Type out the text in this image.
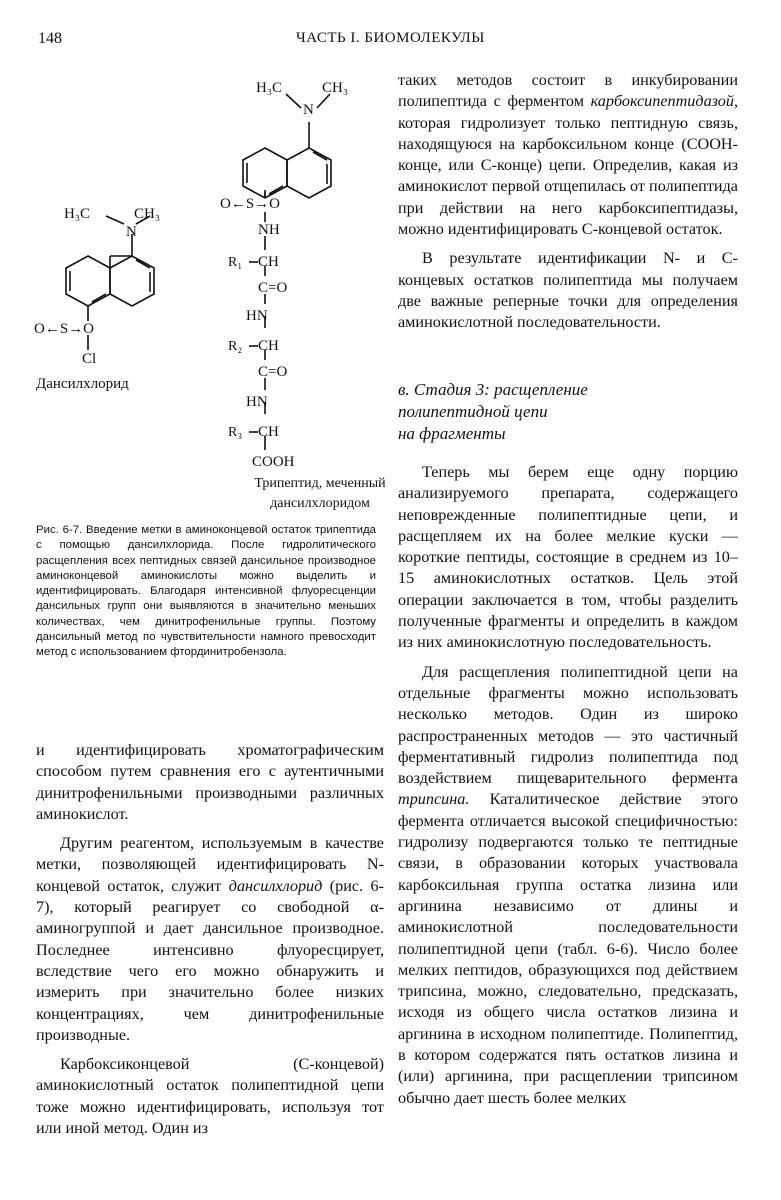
148	ЧАСТЬ I. БИОМОЛЕКУЛЫ
H₃C	CH₃
N
O←S→O
Cl
H₃C	CH₃
N
O←S→O
NH
R₁ CH
C=O
HN
R₂ CH
C=O
HN
R₃ CH
COOH
Дансилхлорид
Трипептид, меченный
дансилхлоридом
Рис. 6-7. Введение метки в аминоконцевой остаток трипептида с помощью дансилхлорида. После гидролитического расщепления всех пептидных связей дансильное производное аминоконцевой аминокислоты можно выделить и идентифицировать. Благодаря интенсивной флуоресценции дансильных групп они выявляются в значительно меньших количествах, чем динитрофенильные группы. Поэтому дансильный метод по чувствительности намного превосходит метод с использованием фтординитробензола.

и идентифицировать хроматографическим способом путем сравнения его с аутентичными динитрофенильными производными различных аминокислот.

Другим реагентом, используемым в качестве метки, позволяющей идентифицировать N-концевой остаток, служит дансилхлорид (рис. 6-7), который реагирует со свободной α-аминогруппой и дает дансильное производное. Последнее интенсивно флуоресцирует, вследствие чего его можно обнаружить и измерить при значительно более низких концентрациях, чем динитрофенильные производные.

Карбоксиконцевой (С-концевой) аминокислотный остаток полипептидной цепи тоже можно идентифицировать, используя тот или иной метод. Один из

таких методов состоит в инкубировании полипептида с ферментом карбоксипептидазой, которая гидролизует только пептидную связь, находящуюся на карбоксильном конце (СООН-конце, или С-конце) цепи. Определив, какая из аминокислот первой отщепилась от полипептида при действии на него карбоксипептидазы, можно идентифицировать С-концевой остаток.

В результате идентификации N- и С-концевых остатков полипептида мы получаем две важные реперные точки для определения аминокислотной последовательности.

в. Стадия 3: расщепление
полипептидной цепи
на фрагменты

Теперь мы берем еще одну порцию анализируемого препарата, содержащего неповрежденные полипептидные цепи, и расщепляем их на более мелкие куски — короткие пептиды, состоящие в среднем из 10–15 аминокислотных остатков. Цель этой операции заключается в том, чтобы разделить полученные фрагменты и определить в каждом из них аминокислотную последовательность.

Для расщепления полипептидной цепи на отдельные фрагменты можно использовать несколько методов. Один из широко распространенных методов — это частичный ферментативный гидролиз полипептида под воздействием пищеварительного фермента трипсина. Каталитическое действие этого фермента отличается высокой специфичностью: гидролизу подвергаются только те пептидные связи, в образовании которых участвовала карбоксильная группа остатка лизина или аргинина независимо от длины и аминокислотной последовательности полипептидной цепи (табл. 6-6). Число более мелких пептидов, образующихся под действием трипсина, можно, следовательно, предсказать, исходя из общего числа остатков лизина и аргинина в исходном полипептиде. Полипептид, в котором содержатся пять остатков лизина и (или) аргинина, при расщеплении трипсином обычно дает шесть более мелких
